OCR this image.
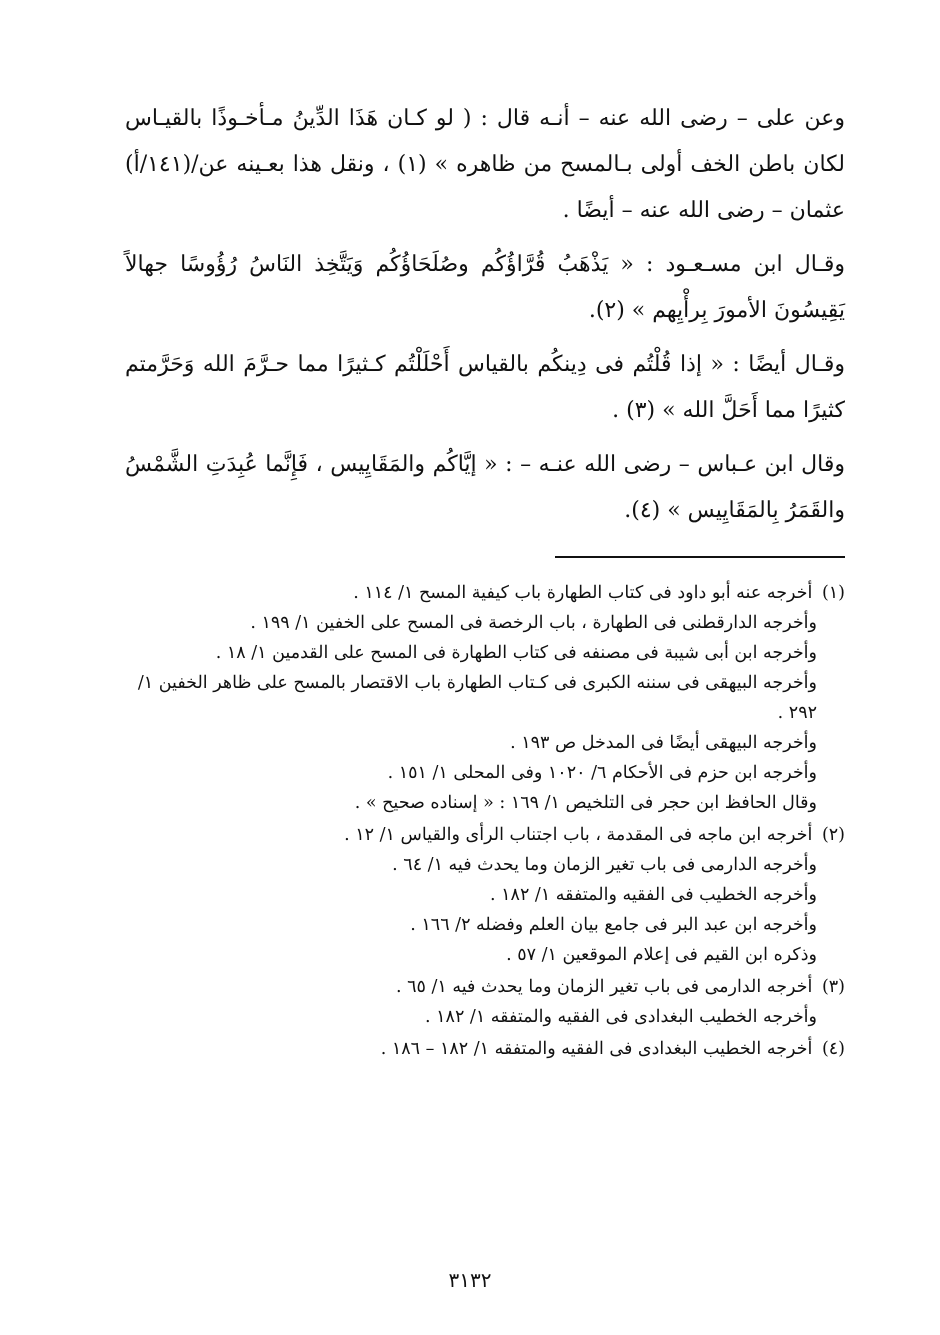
وعن على – رضى الله عنه – أنـه قال : ( لو كـان هَذَا الدِّينُ مـأخـوذًا بالقيـاس لكان باطن الخف أولى بـالمسح من ظاهره » (١) ، ونقل هذا بعـينه عن/(١٤١/أ) عثمان – رضى الله عنه – أيضًا .

وقـال ابن مسـعـود : « يَذْهَبُ قُرَّاؤُكُم وصُلَحَاؤُكُم وَيَتَّخِذ النَاسُ رُؤُوسًا جهالاً يَقِيسُونَ الأمورَ بِرأْيِهم » (٢).

وقـال أيضًا : « إذا قُلْتُم فى دِينكُم بالقياس أَحْلَلْتُم كـثيرًا مما حـرَّمَ الله وَحَرَّمتم كثيرًا مما أَحَلَّ الله » (٣) .

وقال ابن عـباس – رضى الله عنـه – : « إيَّاكُم والمَقَايِيس ، فَإِنَّما عُبِدَتِ الشَّمْسُ والقَمَرُ بِالمَقَايِيس » (٤).

(١) أخرجه عنه أبو داود فى كتاب الطهارة باب كيفية المسح ١/ ١١٤ .

وأخرجه الدارقطنى فى الطهارة ، باب الرخصة فى المسح على الخفين ١/ ١٩٩ .

وأخرجه ابن أبى شيبة فى مصنفه فى كتاب الطهارة فى المسح على القدمين ١/ ١٨ .

وأخرجه البيهقى فى سننه الكبرى فى كـتاب الطهارة باب الاقتصار بالمسح على ظاهر الخفين ١/ ٢٩٢ .

وأخرجه البيهقى أيضًا فى المدخل ص ١٩٣ .

وأخرجه ابن حزم فى الأحكام ٦/ ١٠٢٠ وفى المحلى ١/ ١٥١ .

وقال الحافظ ابن حجر فى التلخيص ١/ ١٦٩ : « إسناده صحيح » .

(٢) أخرجه ابن ماجه فى المقدمة ، باب اجتناب الرأى والقياس ١/ ١٢ .

وأخرجه الدارمى فى باب تغير الزمان وما يحدث فيه ١/ ٦٤ .

وأخرجه الخطيب فى الفقيه والمتفقه ١/ ١٨٢ .

وأخرجه ابن عبد البر فى جامع بيان العلم وفضله ٢/ ١٦٦ .

وذكره ابن القيم فى إعلام الموقعين ١/ ٥٧ .

(٣) أخرجه الدارمى فى باب تغير الزمان وما يحدث فيه ١/ ٦٥ .

وأخرجه الخطيب البغدادى فى الفقيه والمتفقه ١/ ١٨٢ .

(٤) أخرجه الخطيب البغدادى فى الفقيه والمتفقه ١/ ١٨٢ – ١٨٦ .

٣١٣٢
